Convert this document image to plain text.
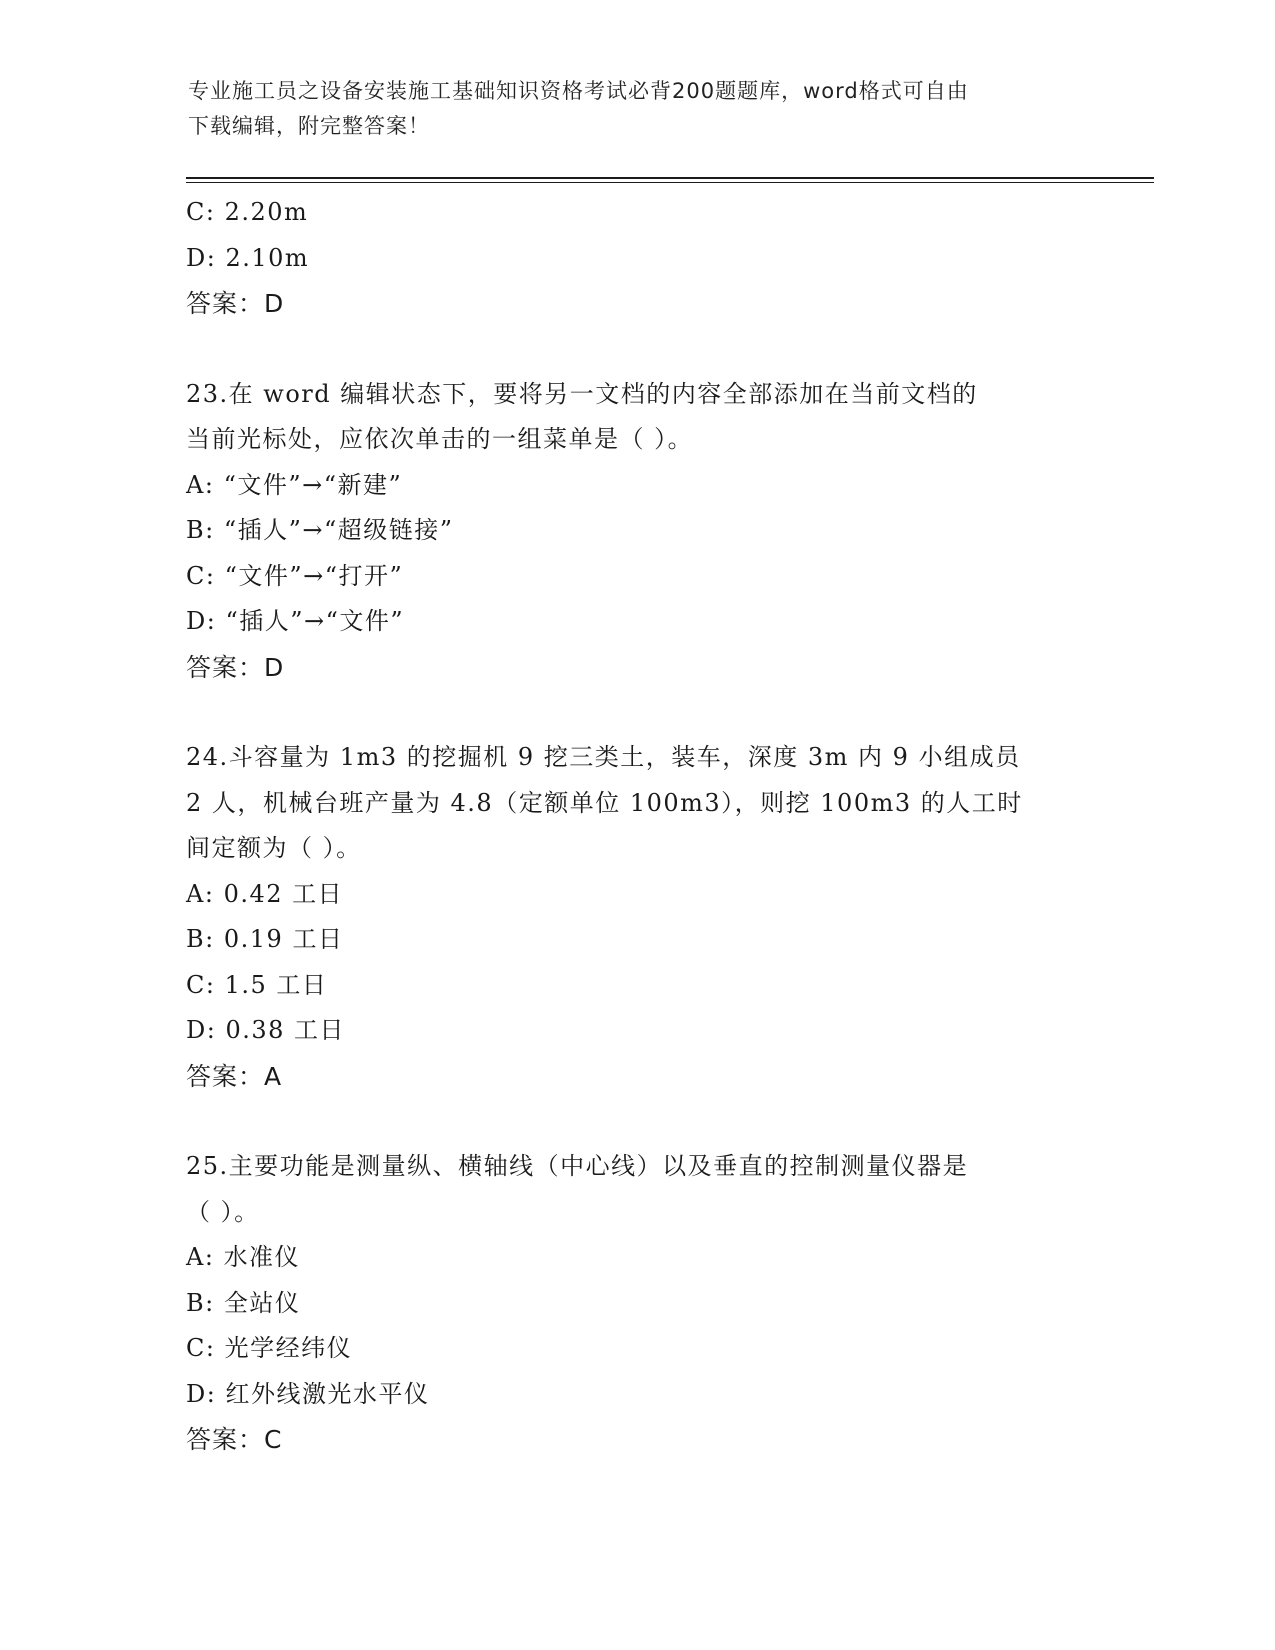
专业施工员之设备安装施工基础知识资格考试必背200题题库，word格式可自由
下载编辑，附完整答案！
C: 2.20m
D: 2.10m
答案：D
23.在 word 编辑状态下，要将另一文档的内容全部添加在当前文档的
当前光标处，应依次单击的一组菜单是（ ）。
A: “文件”→“新建”
B: “插人”→“超级链接”
C: “文件”→“打开”
D: “插人”→“文件”
答案：D
24.斗容量为 1m3 的挖掘机 9 挖三类土，装车，深度 3m 内 9 小组成员
2 人，机械台班产量为 4.8（定额单位 100m3），则挖 100m3 的人工时
间定额为（ ）。
A: 0.42 工日
B: 0.19 工日
C: 1.5 工日
D: 0.38 工日
答案：A
25.主要功能是测量纵、横轴线（中心线）以及垂直的控制测量仪器是
（ ）。
A: 水准仪
B: 全站仪
C: 光学经纬仪
D: 红外线激光水平仪
答案：C
